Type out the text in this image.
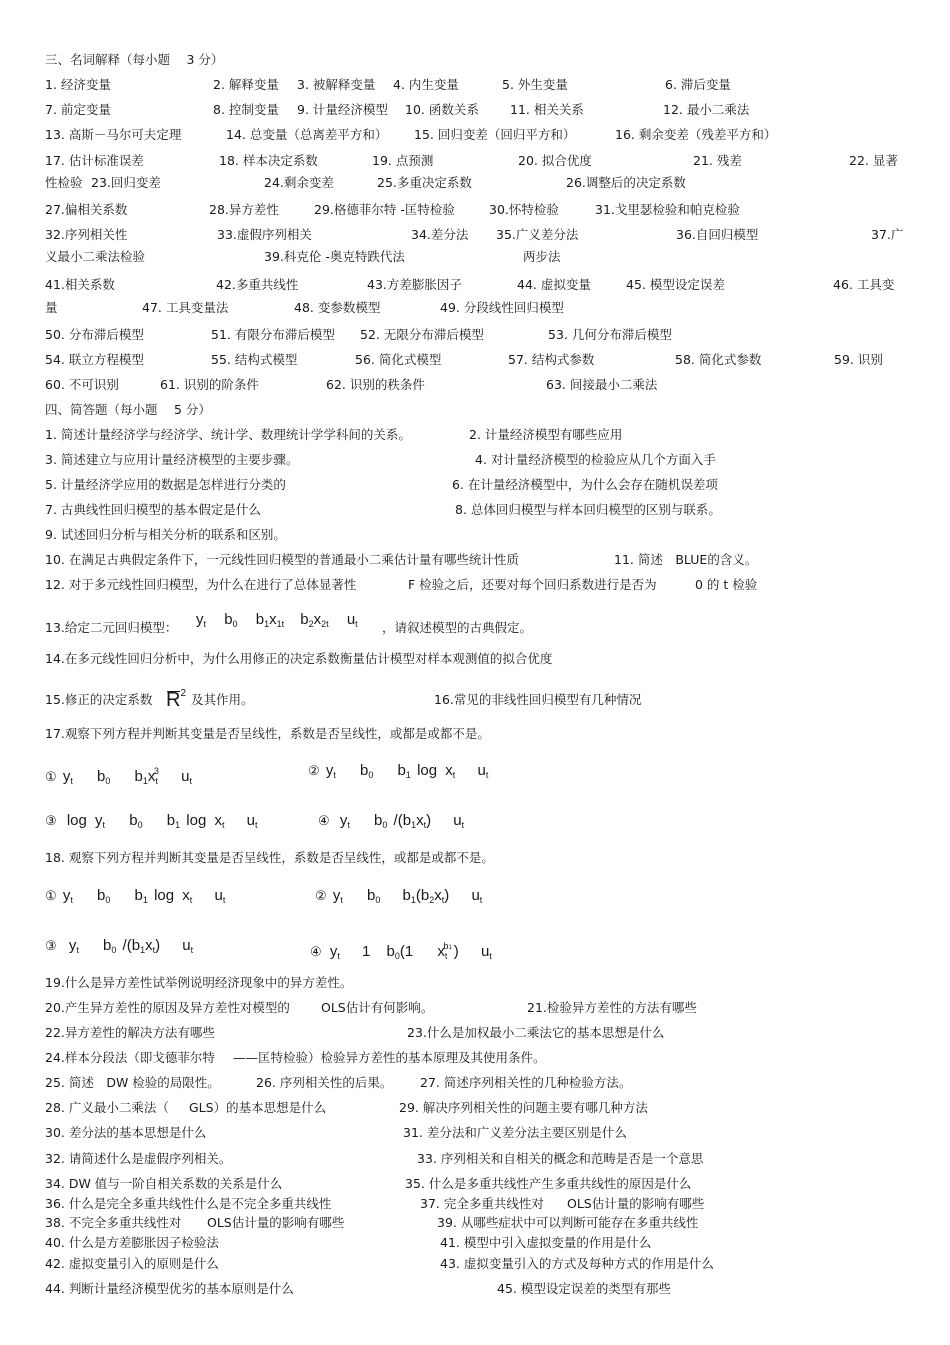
三、名词解释（每小题　 3 分）
1. 经济变量	2. 解释变量 3. 被解释变量 4. 内生变量	5. 外生变量	6. 滞后变量
7. 前定变量	8. 控制变量 9. 计量经济模型 10. 函数关系 11. 相关关系	12. 最小二乘法
13. 高斯－马尔可夫定理	14. 总变量（总离差平方和） 15. 回归变差（回归平方和）	16. 剩余变差（残差平方和）
17. 估计标准误差	18. 样本决定系数	19. 点预测	20. 拟合优度	21. 残差	22. 显著
性检验 23.回归变差	24.剩余变差	25.多重决定系数	26.调整后的决定系数
27.偏相关系数	28.异方差性	29.格德菲尔特 -匡特检验	30.怀特检验	31.戈里瑟检验和帕克检验
32.序列相关性	33.虚假序列相关	34.差分法 35.广义差分法	36.自回归模型	37.广
义最小二乘法检验	39.科克伦 -奥克特跌代法	两步法
41.相关系数	42.多重共线性	43.方差膨胀因子	44. 虚拟变量	45. 模型设定误差	46. 工具变
量	47. 工具变量法	48. 变参数模型	49. 分段线性回归模型
50. 分布滞后模型	51. 有限分布滞后模型 52. 无限分布滞后模型	53. 几何分布滞后模型
54. 联立方程模型	55. 结构式模型	56. 简化式模型	57. 结构式参数	58. 简化式参数	59. 识别
60. 不可识别	61. 识别的阶条件	62. 识别的秩条件	63. 间接最小二乘法
四、简答题（每小题　 5 分）
1. 简述计量经济学与经济学、统计学、数理统计学学科间的关系。	2. 计量经济模型有哪些应用
3. 简述建立与应用计量经济模型的主要步骤。	4. 对计量经济模型的检验应从几个方面入手
5. 计量经济学应用的数据是怎样进行分类的	6. 在计量经济模型中，为什么会存在随机误差项
7. 古典线性回归模型的基本假定是什么	8. 总体回归模型与样本回归模型的区别与联系。
9. 试述回归分析与相关分析的联系和区别。
10. 在满足古典假定条件下，一元线性回归模型的普通最小二乘估计量有哪些统计性质	11. 简述　BLUE的含义。
12. 对于多元线性回归模型，为什么在进行了总体显著性	F 检验之后，还要对每个回归系数进行是否为	0 的 t 检验
13.给定二元回归模型： $y_t$ $b_0$ $b_1x_{1t}$ $b_2x_{2t}$ $u_t$ ，请叙述模型的古典假定。
14.在多元线性回归分析中，为什么用修正的决定系数衡量估计模型对样本观测值的拟合优度
15.修正的决定系数 $R^2$ 及其作用。	16.常见的非线性回归模型有几种情况
17.观察下列方程并判断其变量是否呈线性，系数是否呈线性，或都是或都不是。
① $y_t$ $b_0$ $b_1x_t^3$ $u_t$
② $y_t$ $b_0$ $b_1$ $\log x_t$ $u_t$
③ $\log y_t$ $b_0$ $b_1$ $\log x_t$ $u_t$	④ $y_t$ $b_0$ $/(b_1x_t)$ $u_t$
18. 观察下列方程并判断其变量是否呈线性，系数是否呈线性，或都是或都不是。
① $y_t$ $b_0$ $b_1$ $\log x_t$ $u_t$	② $y_t$ $b_0$ $b_1(b_2x_t)$ $u_t$
③ $y_t$ $b_0$ $/(b_1x_t)$ $u_t$	④ $y_t$ 1 $b_0(1$ $x_t^{b1}$ ) $u_t$
19.什么是异方差性试举例说明经济现象中的异方差性。
20.产生异方差性的原因及异方差性对模型的 OLS估计有何影响。	21.检验异方差性的方法有哪些
22.异方差性的解决方法有哪些	23.什么是加权最小二乘法它的基本思想是什么
24.样本分段法（即戈德菲尔特 ——匡特检验）检验异方差性的基本原理及其使用条件。
25. 简述　DW 检验的局限性。	26. 序列相关性的后果。 27. 简述序列相关性的几种检验方法。
28. 广义最小二乘法（ GLS）的基本思想是什么	29. 解决序列相关性的问题主要有哪几种方法
30. 差分法的基本思想是什么	31. 差分法和广义差分法主要区别是什么
32. 请简述什么是虚假序列相关。	33. 序列相关和自相关的概念和范畴是否是一个意思
34. DW 值与一阶自相关系数的关系是什么	35. 什么是多重共线性产生多重共线性的原因是什么
36. 什么是完全多重共线性什么是不完全多重共线性	37. 完全多重共线性对 OLS估计量的影响有哪些
38. 不完全多重共线性对 OLS估计量的影响有哪些	39. 从哪些症状中可以判断可能存在多重共线性
40. 什么是方差膨胀因子检验法	41. 模型中引入虚拟变量的作用是什么
42. 虚拟变量引入的原则是什么	43. 虚拟变量引入的方式及每种方式的作用是什么
44. 判断计量经济模型优劣的基本原则是什么	45. 模型设定误差的类型有那些
